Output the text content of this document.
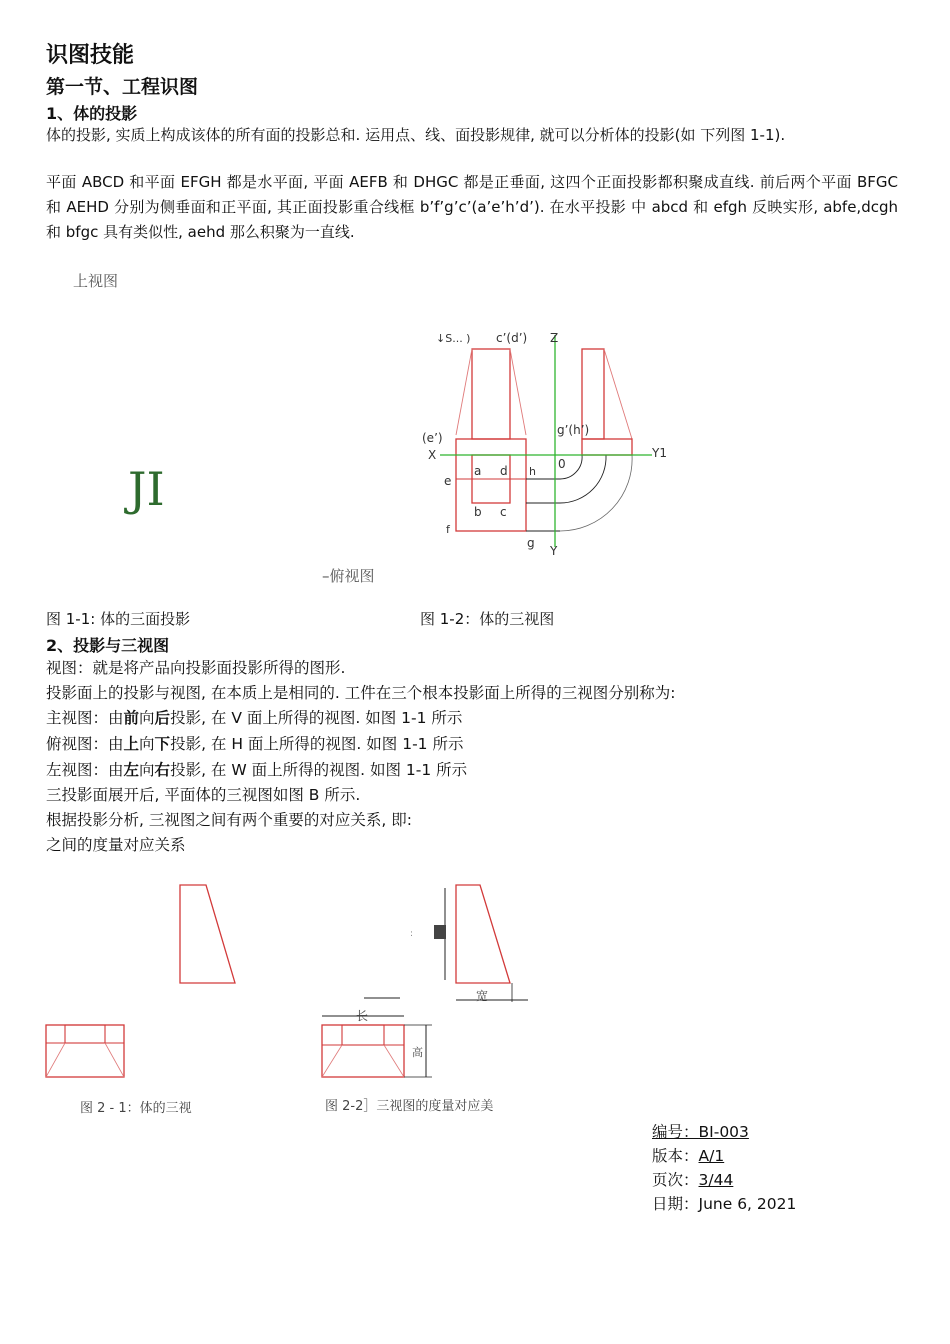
识图技能
第一节、工程识图
1、体的投影
体的投影, 实质上构成该体的所有面的投影总和. 运用点、线、面投影规律, 就可以分析体的投影(如 下列图 1-1).
平面 ABCD 和平面 EFGH 都是水平面, 平面 AEFB 和 DHGC 都是正垂面, 这四个正面投影都积聚成直线. 前后两个平面 BFGC 和 AEHD 分别为侧垂面和正平面, 其正面投影重合线框 b’f’g’c’(a’e’h’d’). 在水平投影 中 abcd 和 efgh 反映实形, abfe,dcgh 和 bfgc 具有类似性, aehd 那么积聚为一直线.
上视图
JI
–俯视图
↓S... ) c’(d’) Z
g’(h’)
(e’)
X	Y1
a d h
0
e
b c
f
g
Y
图 1-1: 体的三面投影	图 1-2：体的三视图
2、投影与三视图
视图：就是将产品向投影面投影所得的图形.
投影面上的投影与视图, 在本质上是相同的. 工件在三个根本投影面上所得的三视图分别称为:
主视图：由前向后投影, 在 V 面上所得的视图. 如图 1-1 所示
俯视图：由上向下投影, 在 H 面上所得的视图. 如图 1-1 所示
左视图：由左向右投影, 在 W 面上所得的视图. 如图 1-1 所示
三投影面展开后, 平面体的三视图如图 B 所示.
根据投影分析, 三视图之间有两个重要的对应关系, 即:
之间的度量对应关系
:
宽
长
高
图 2 - 1：体的三视	图 2-2］三视图的度量对应美
编号：BI-003
版本：A/1
页次：3/44
日期：June 6, 2021
